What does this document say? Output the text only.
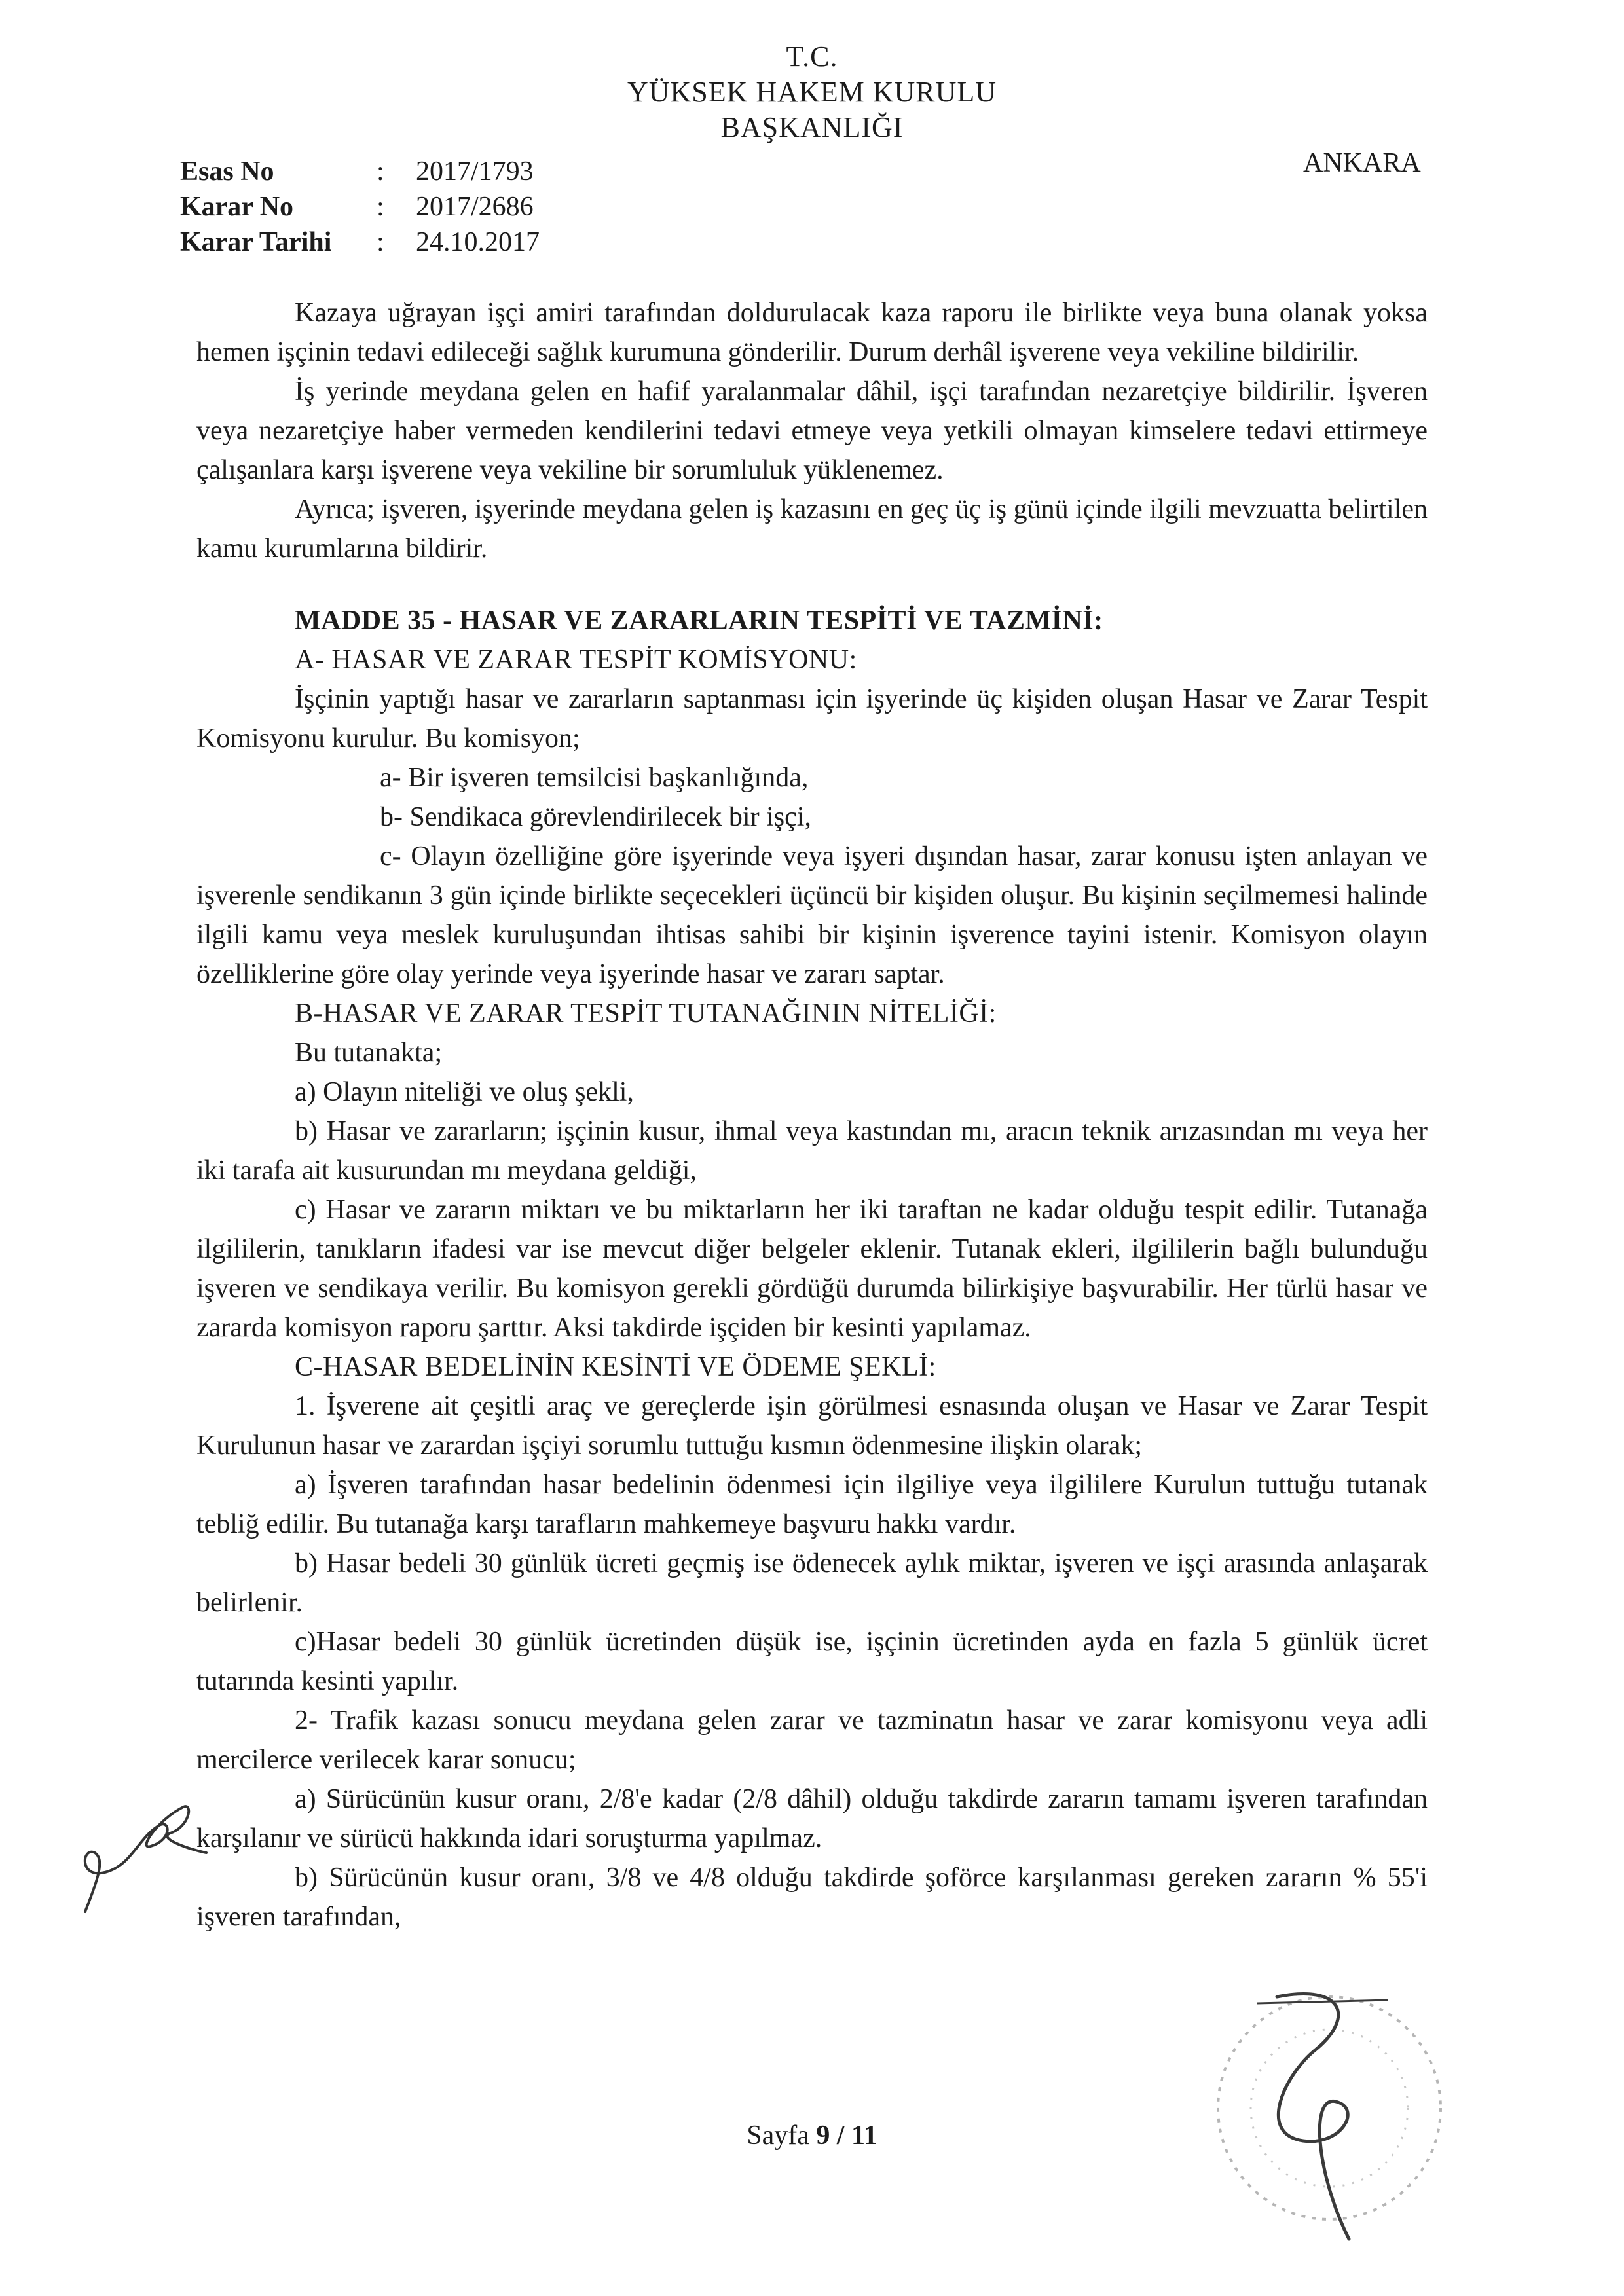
T.C.
YÜKSEK HAKEM KURULU
BAŞKANLIĞI
ANKARA
Esas No	: 2017/1793
Karar No	: 2017/2686
Karar Tarihi : 24.10.2017

Kazaya uğrayan işçi amiri tarafından doldurulacak kaza raporu ile birlikte veya buna olanak yoksa hemen işçinin tedavi edileceği sağlık kurumuna gönderilir. Durum derhâl işverene veya vekiline bildirilir.

İş yerinde meydana gelen en hafif yaralanmalar dâhil, işçi tarafından nezaretçiye bildirilir. İşveren veya nezaretçiye haber vermeden kendilerini tedavi etmeye veya yetkili olmayan kimselere tedavi ettirmeye çalışanlara karşı işverene veya vekiline bir sorumluluk yüklenemez.

Ayrıca; işveren, işyerinde meydana gelen iş kazasını en geç üç iş günü içinde ilgili mevzuatta belirtilen kamu kurumlarına bildirir.

MADDE 35 - HASAR VE ZARARLARIN TESPİTİ VE TAZMİNİ:

A- HASAR VE ZARAR TESPİT KOMİSYONU:

İşçinin yaptığı hasar ve zararların saptanması için işyerinde üç kişiden oluşan Hasar ve Zarar Tespit Komisyonu kurulur. Bu komisyon;

a- Bir işveren temsilcisi başkanlığında,

b- Sendikaca görevlendirilecek bir işçi,

c- Olayın özelliğine göre işyerinde veya işyeri dışından hasar, zarar konusu işten anlayan ve işverenle sendikanın 3 gün içinde birlikte seçecekleri üçüncü bir kişiden oluşur. Bu kişinin seçilmemesi halinde ilgili kamu veya meslek kuruluşundan ihtisas sahibi bir kişinin işverence tayini istenir. Komisyon olayın özelliklerine göre olay yerinde veya işyerinde hasar ve zararı saptar.

B-HASAR VE ZARAR TESPİT TUTANAĞININ NİTELİĞİ:

Bu tutanakta;

a) Olayın niteliği ve oluş şekli,

b) Hasar ve zararların; işçinin kusur, ihmal veya kastından mı, aracın teknik arızasından mı veya her iki tarafa ait kusurundan mı meydana geldiği,

c) Hasar ve zararın miktarı ve bu miktarların her iki taraftan ne kadar olduğu tespit edilir. Tutanağa ilgililerin, tanıkların ifadesi var ise mevcut diğer belgeler eklenir. Tutanak ekleri, ilgililerin bağlı bulunduğu işveren ve sendikaya verilir. Bu komisyon gerekli gördüğü durumda bilirkişiye başvurabilir. Her türlü hasar ve zararda komisyon raporu şarttır. Aksi takdirde işçiden bir kesinti yapılamaz.

C-HASAR BEDELİNİN KESİNTİ VE ÖDEME ŞEKLİ:

1. İşverene ait çeşitli araç ve gereçlerde işin görülmesi esnasında oluşan ve Hasar ve Zarar Tespit Kurulunun hasar ve zarardan işçiyi sorumlu tuttuğu kısmın ödenmesine ilişkin olarak;

a) İşveren tarafından hasar bedelinin ödenmesi için ilgiliye veya ilgililere Kurulun tuttuğu tutanak tebliğ edilir. Bu tutanağa karşı tarafların mahkemeye başvuru hakkı vardır.

b) Hasar bedeli 30 günlük ücreti geçmiş ise ödenecek aylık miktar, işveren ve işçi arasında anlaşarak belirlenir.

c)Hasar bedeli 30 günlük ücretinden düşük ise, işçinin ücretinden ayda en fazla 5 günlük ücret tutarında kesinti yapılır.

2- Trafik kazası sonucu meydana gelen zarar ve tazminatın hasar ve zarar komisyonu veya adli mercilerce verilecek karar sonucu;

a) Sürücünün kusur oranı, 2/8'e kadar (2/8 dâhil) olduğu takdirde zararın tamamı işveren tarafından karşılanır ve sürücü hakkında idari soruşturma yapılmaz.

b) Sürücünün kusur oranı, 3/8 ve 4/8 olduğu takdirde şoförce karşılanması gereken zararın % 55'i işveren tarafından,

Sayfa 9 / 11
